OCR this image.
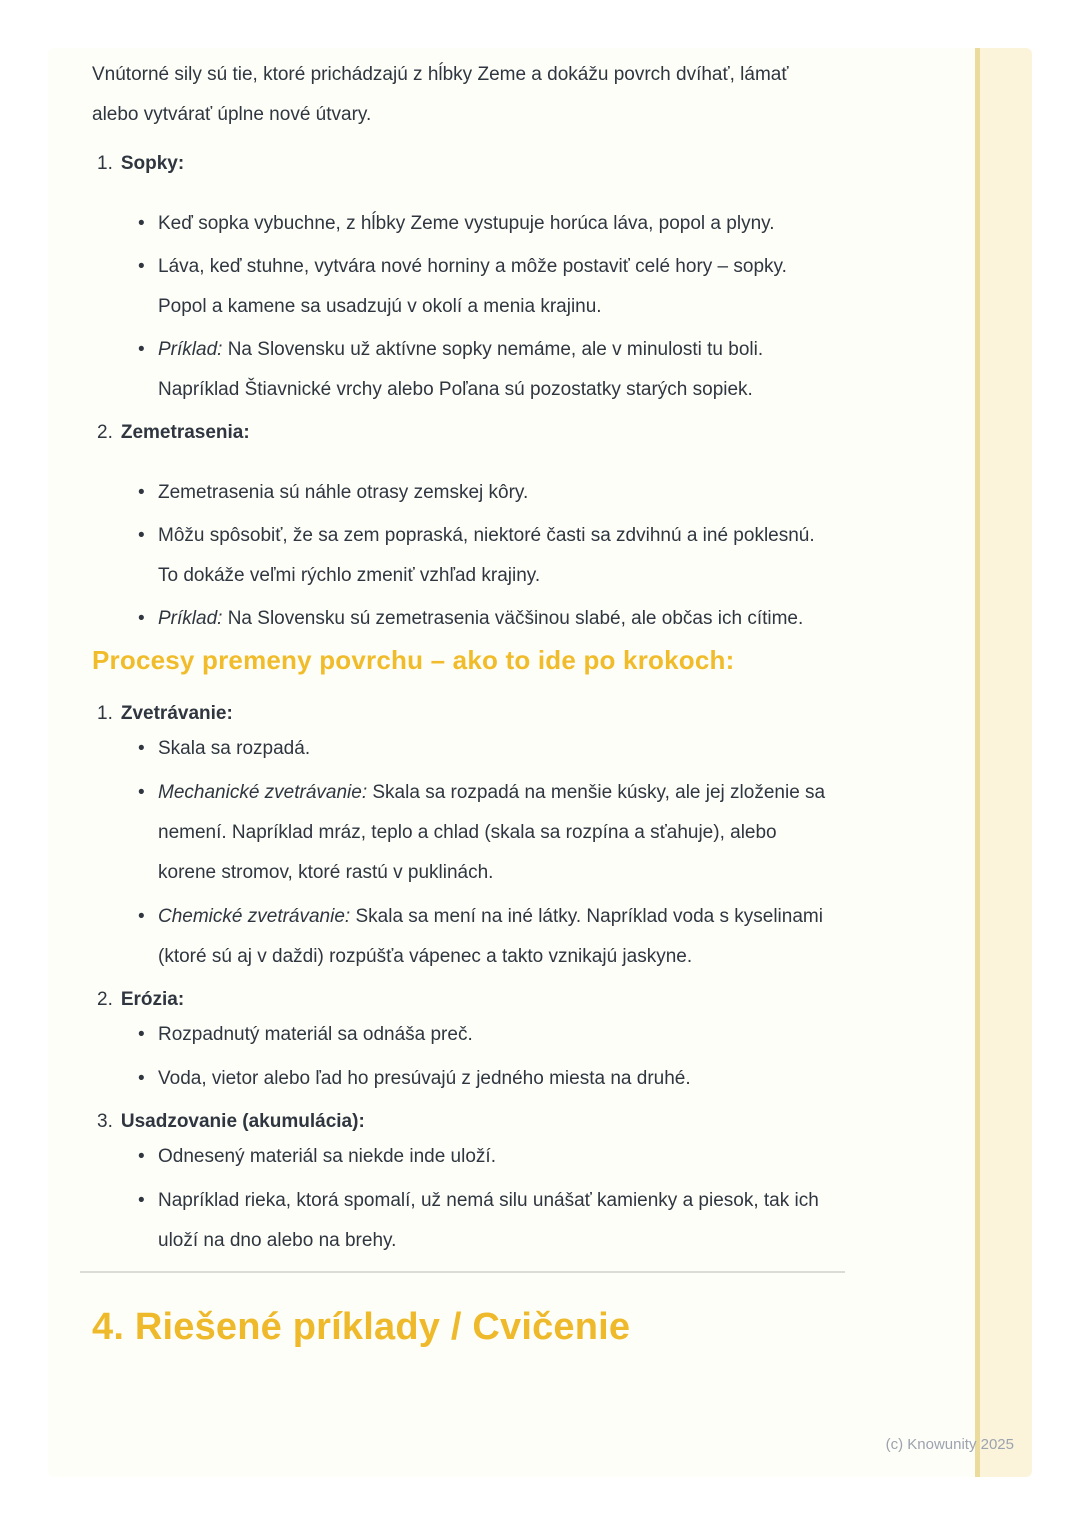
Vnútorné sily sú tie, ktoré prichádzajú z hĺbky Zeme a dokážu povrch dvíhať, lámať alebo vytvárať úplne nové útvary.

1. Sopky:
• Keď sopka vybuchne, z hĺbky Zeme vystupuje horúca láva, popol a plyny.
• Láva, keď stuhne, vytvára nové horniny a môže postaviť celé hory – sopky. Popol a kamene sa usadzujú v okolí a menia krajinu.
• Príklad: Na Slovensku už aktívne sopky nemáme, ale v minulosti tu boli. Napríklad Štiavnické vrchy alebo Poľana sú pozostatky starých sopiek.
2. Zemetrasenia:
• Zemetrasenia sú náhle otrasy zemskej kôry.
• Môžu spôsobiť, že sa zem popraská, niektoré časti sa zdvihnú a iné poklesnú. To dokáže veľmi rýchlo zmeniť vzhľad krajiny.
• Príklad: Na Slovensku sú zemetrasenia väčšinou slabé, ale občas ich cítime.
Procesy premeny povrchu – ako to ide po krokoch:
1. Zvetrávanie:
• Skala sa rozpadá.
• Mechanické zvetrávanie: Skala sa rozpadá na menšie kúsky, ale jej zloženie sa nemení. Napríklad mráz, teplo a chlad (skala sa rozpína a sťahuje), alebo korene stromov, ktoré rastú v puklinách.
• Chemické zvetrávanie: Skala sa mení na iné látky. Napríklad voda s kyselinami (ktoré sú aj v daždi) rozpúšťa vápenec a takto vznikajú jaskyne.
2. Erózia:
• Rozpadnutý materiál sa odnáša preč.
• Voda, vietor alebo ľad ho presúvajú z jedného miesta na druhé.
3. Usadzovanie (akumulácia):
• Odnesený materiál sa niekde inde uloží.
• Napríklad rieka, ktorá spomalí, už nemá silu unášať kamienky a piesok, tak ich uloží na dno alebo na brehy.
4. Riešené príklady / Cvičenie
(c) Knowunity 2025
